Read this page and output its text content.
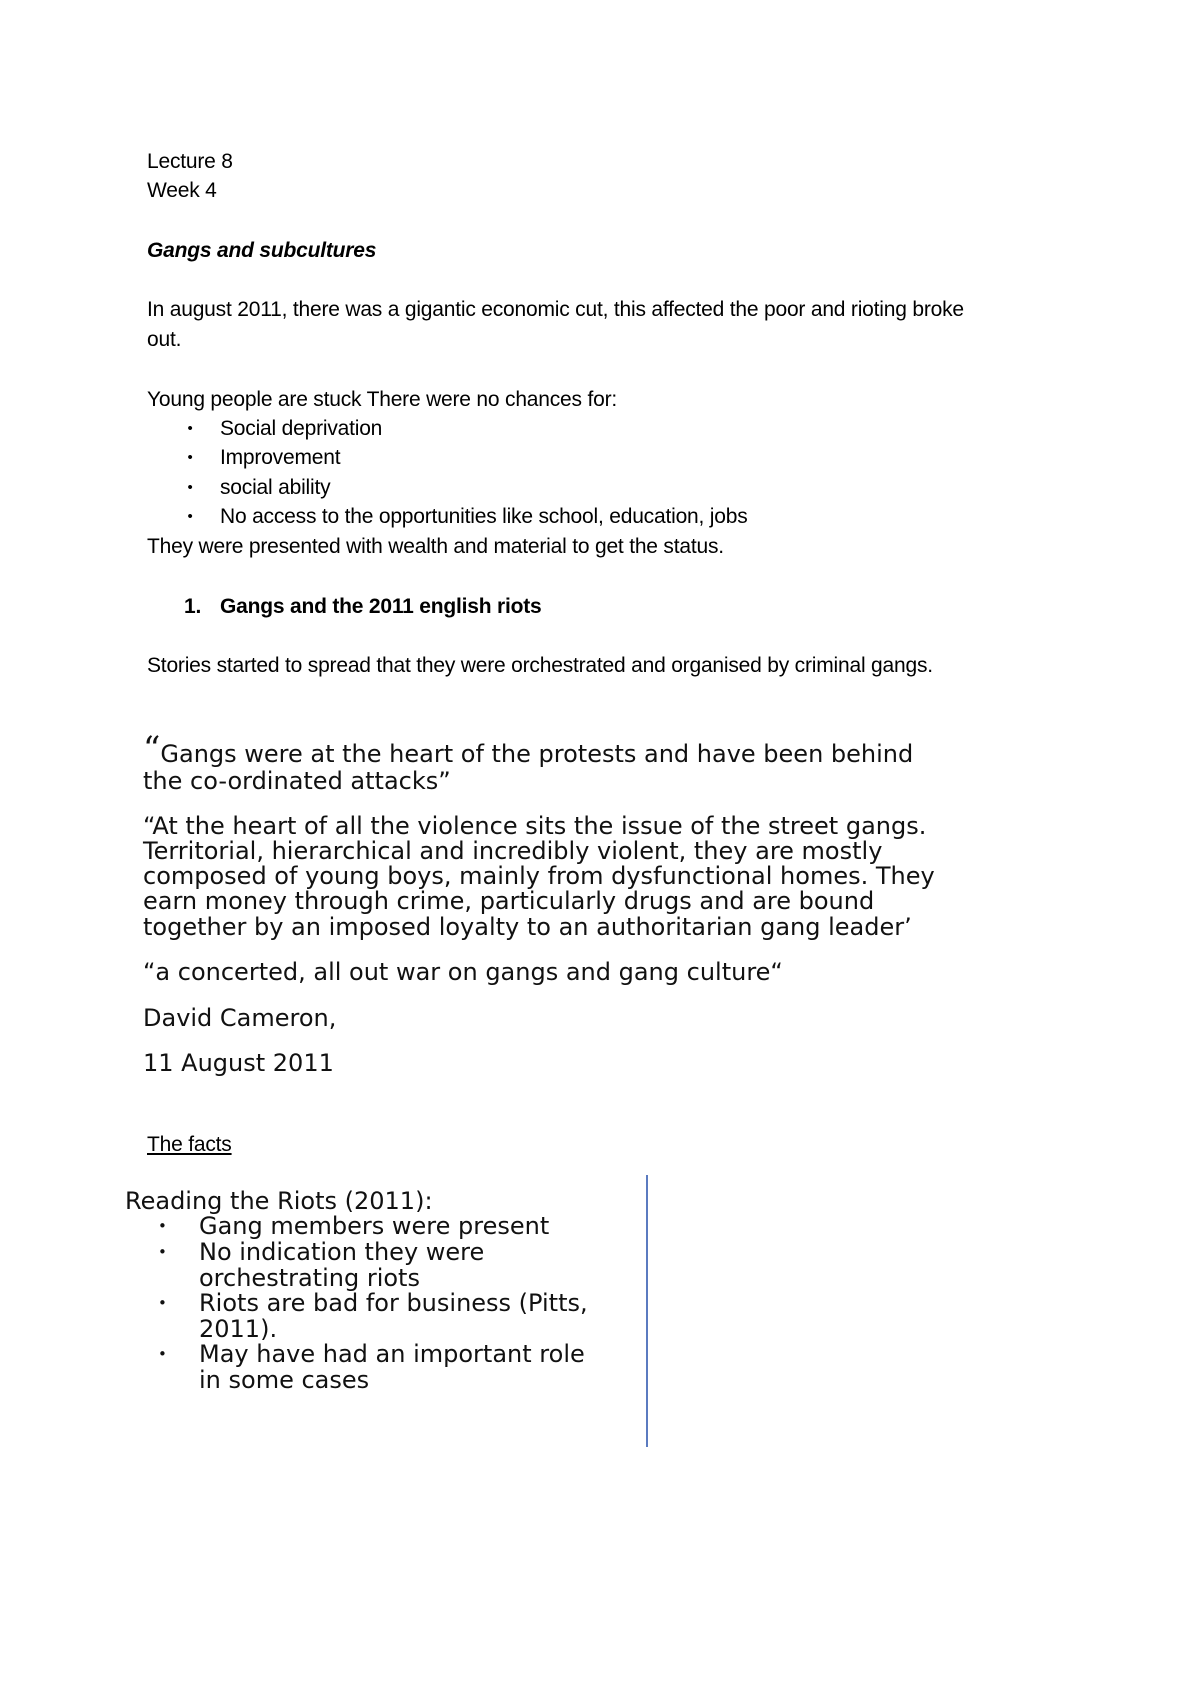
Lecture 8
Week 4
Gangs and subcultures
In august 2011, there was a gigantic economic cut, this affected the poor and rioting broke
out.
Young people are stuck There were no chances for:
• Social deprivation
• Improvement
• social ability
• No access to the opportunities like school, education, jobs
They were presented with wealth and material to get the status.
1. Gangs and the 2011 english riots
Stories started to spread that they were orchestrated and organised by criminal gangs.
“Gangs were at the heart of the protests and have been behind
the co-ordinated attacks”
“At the heart of all the violence sits the issue of the street gangs.
Territorial, hierarchical and incredibly violent, they are mostly
composed of young boys, mainly from dysfunctional homes. They
earn money through crime, particularly drugs and are bound
together by an imposed loyalty to an authoritarian gang leader’
“a concerted, all out war on gangs and gang culture“
David Cameron,
11 August 2011
The facts
Reading the Riots (2011):
• Gang members were present
• No indication they were
orchestrating riots
• Riots are bad for business (Pitts,
2011).
• May have had an important role
in some cases
